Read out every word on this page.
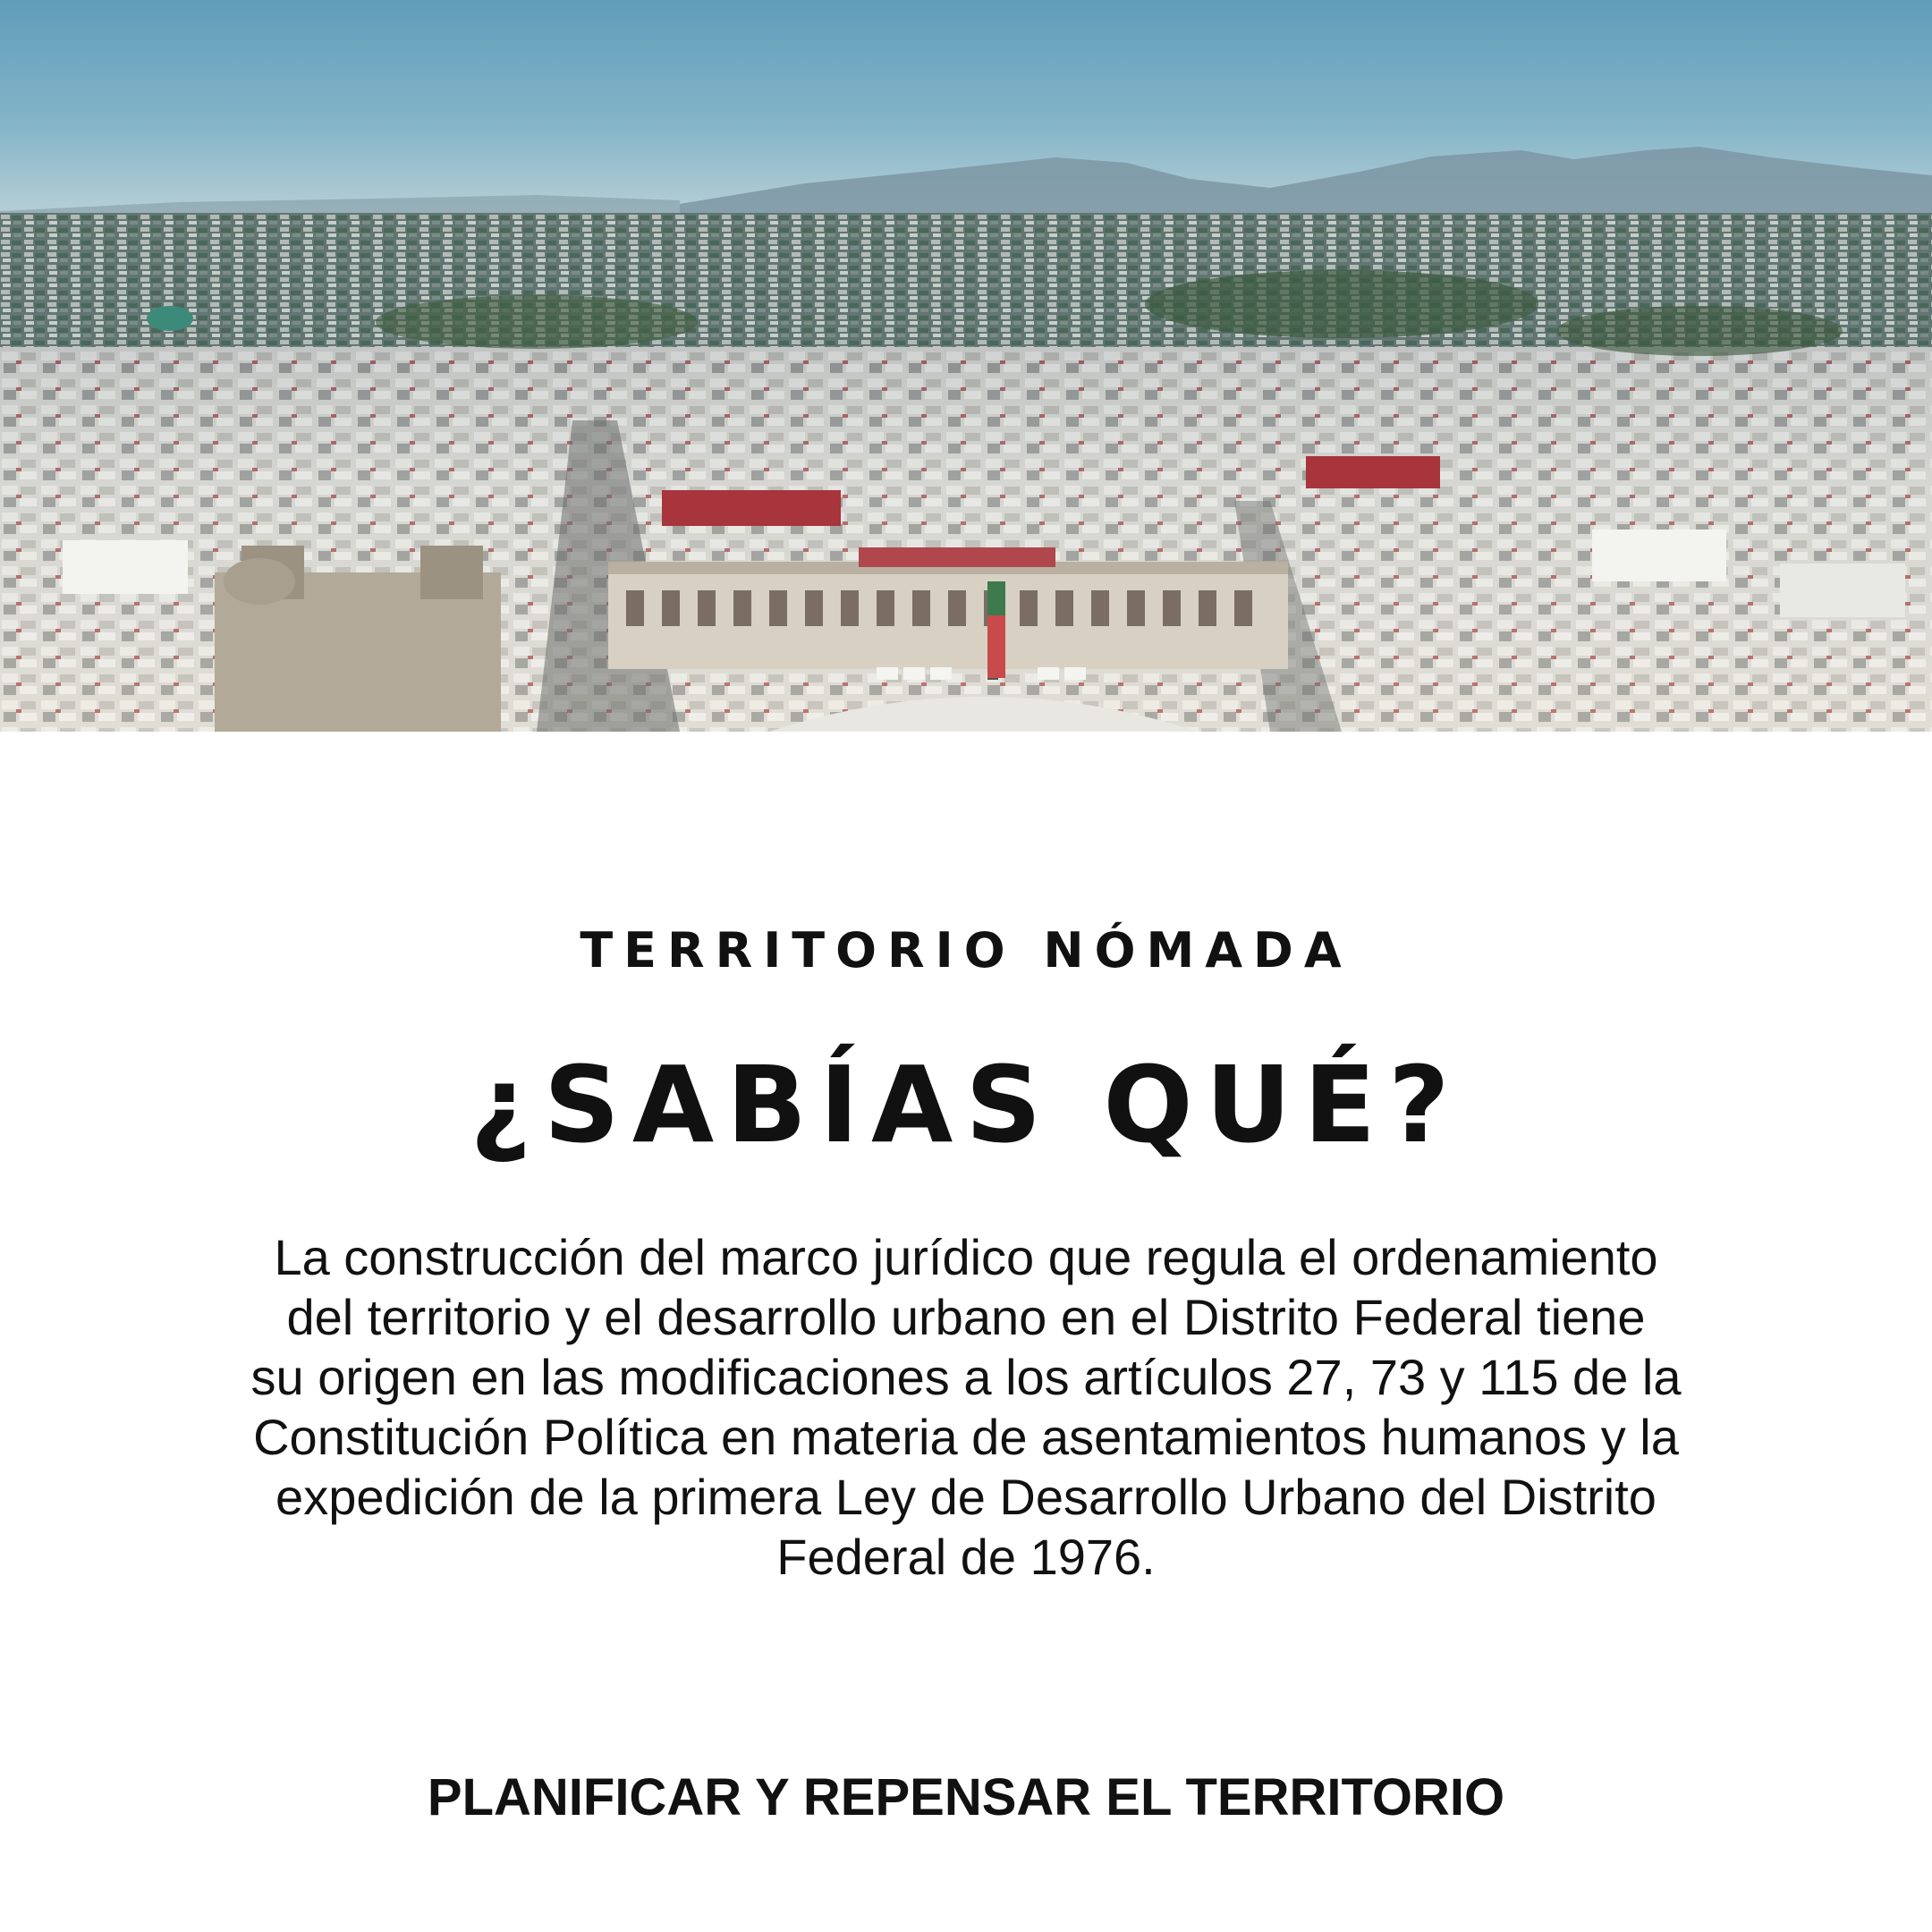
TERRITORIO NÓMADA
¿SABÍAS QUÉ?
La construcción del marco jurídico que regula el ordenamiento
del territorio y el desarrollo urbano en el Distrito Federal tiene
su origen en las modificaciones a los artículos 27, 73 y 115 de la
Constitución Política en materia de asentamientos humanos y la
expedición de la primera Ley de Desarrollo Urbano del Distrito
Federal de 1976.
PLANIFICAR Y REPENSAR EL TERRITORIO
